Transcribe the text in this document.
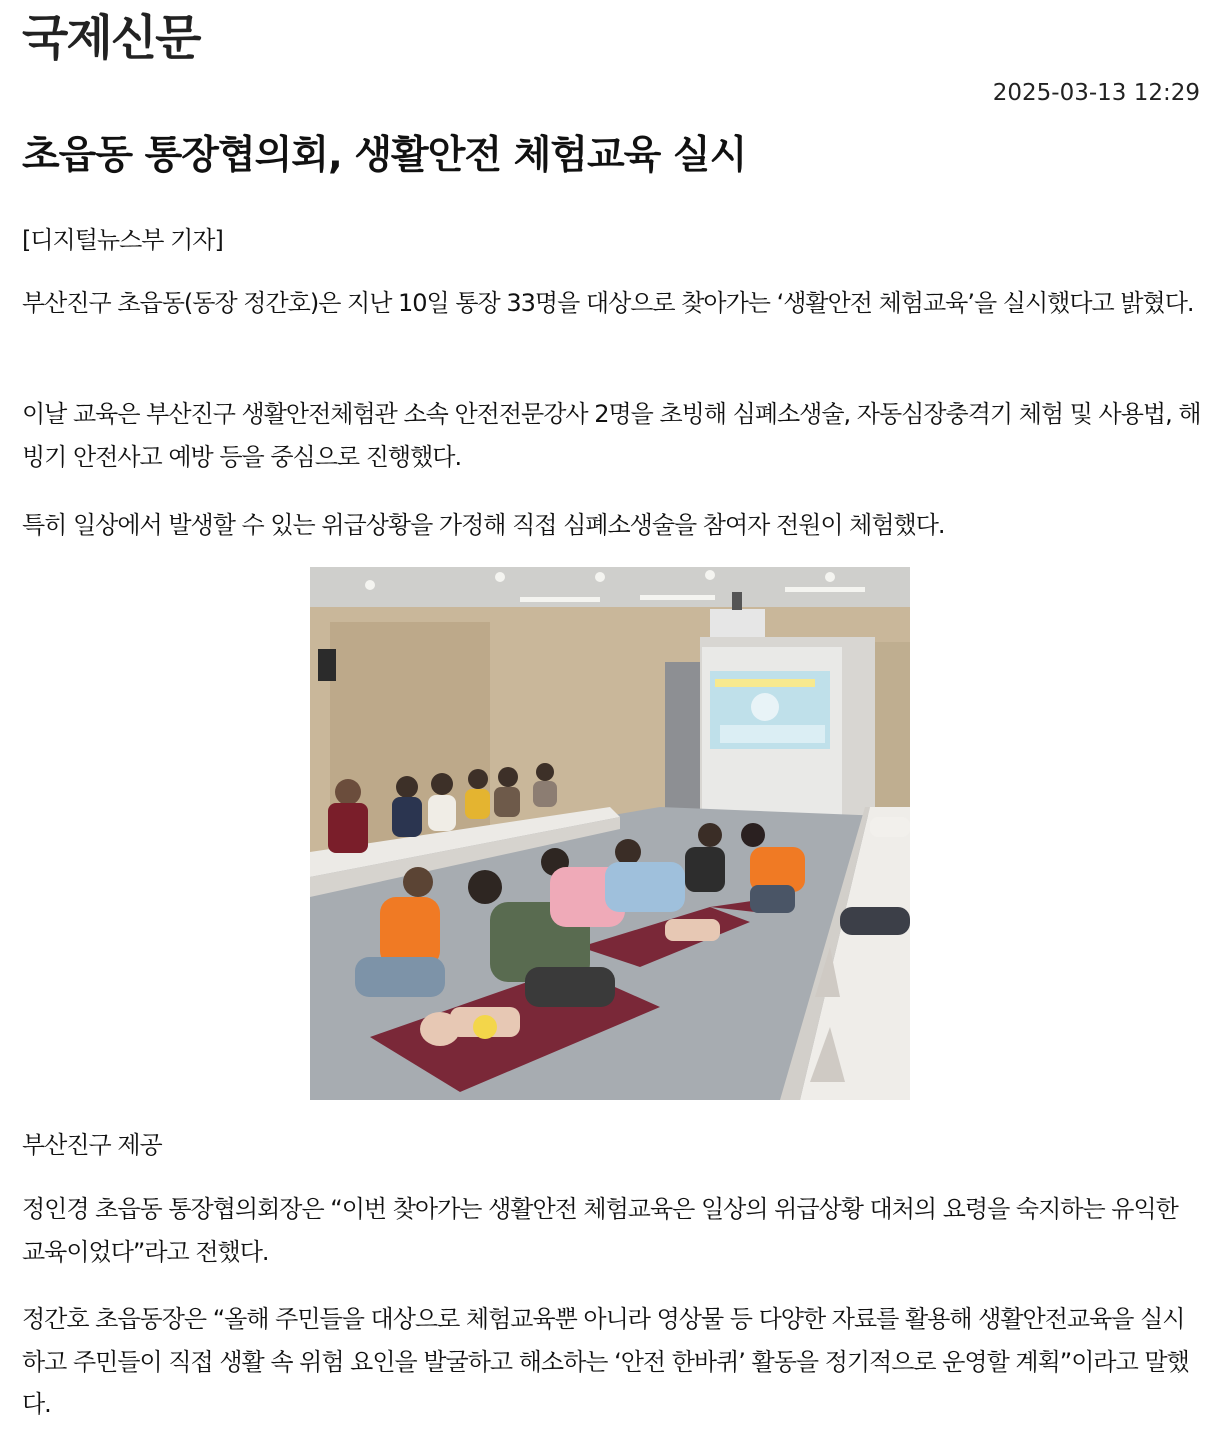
국제신문
2025-03-13 12:29
초읍동 통장협의회, 생활안전 체험교육 실시

[디지털뉴스부 기자]

부산진구 초읍동(동장 정간호)은 지난 10일 통장 33명을 대상으로 찾아가는 ‘생활안전 체험교육’을 실시했다고 밝혔다.

이날 교육은 부산진구 생활안전체험관 소속 안전전문강사 2명을 초빙해 심폐소생술, 자동심장충격기 체험 및 사용법, 해빙기 안전사고 예방 등을 중심으로 진행했다.

특히 일상에서 발생할 수 있는 위급상황을 가정해 직접 심폐소생술을 참여자 전원이 체험했다.

부산진구 제공

정인경 초읍동 통장협의회장은 “이번 찾아가는 생활안전 체험교육은 일상의 위급상황 대처의 요령을 숙지하는 유익한 교육이었다”라고 전했다.

정간호 초읍동장은 “올해 주민들을 대상으로 체험교육뿐 아니라 영상물 등 다양한 자료를 활용해 생활안전교육을 실시하고 주민들이 직접 생활 속 위험 요인을 발굴하고 해소하는 ‘안전 한바퀴’ 활동을 정기적으로 운영할 계획”이라고 말했다.
